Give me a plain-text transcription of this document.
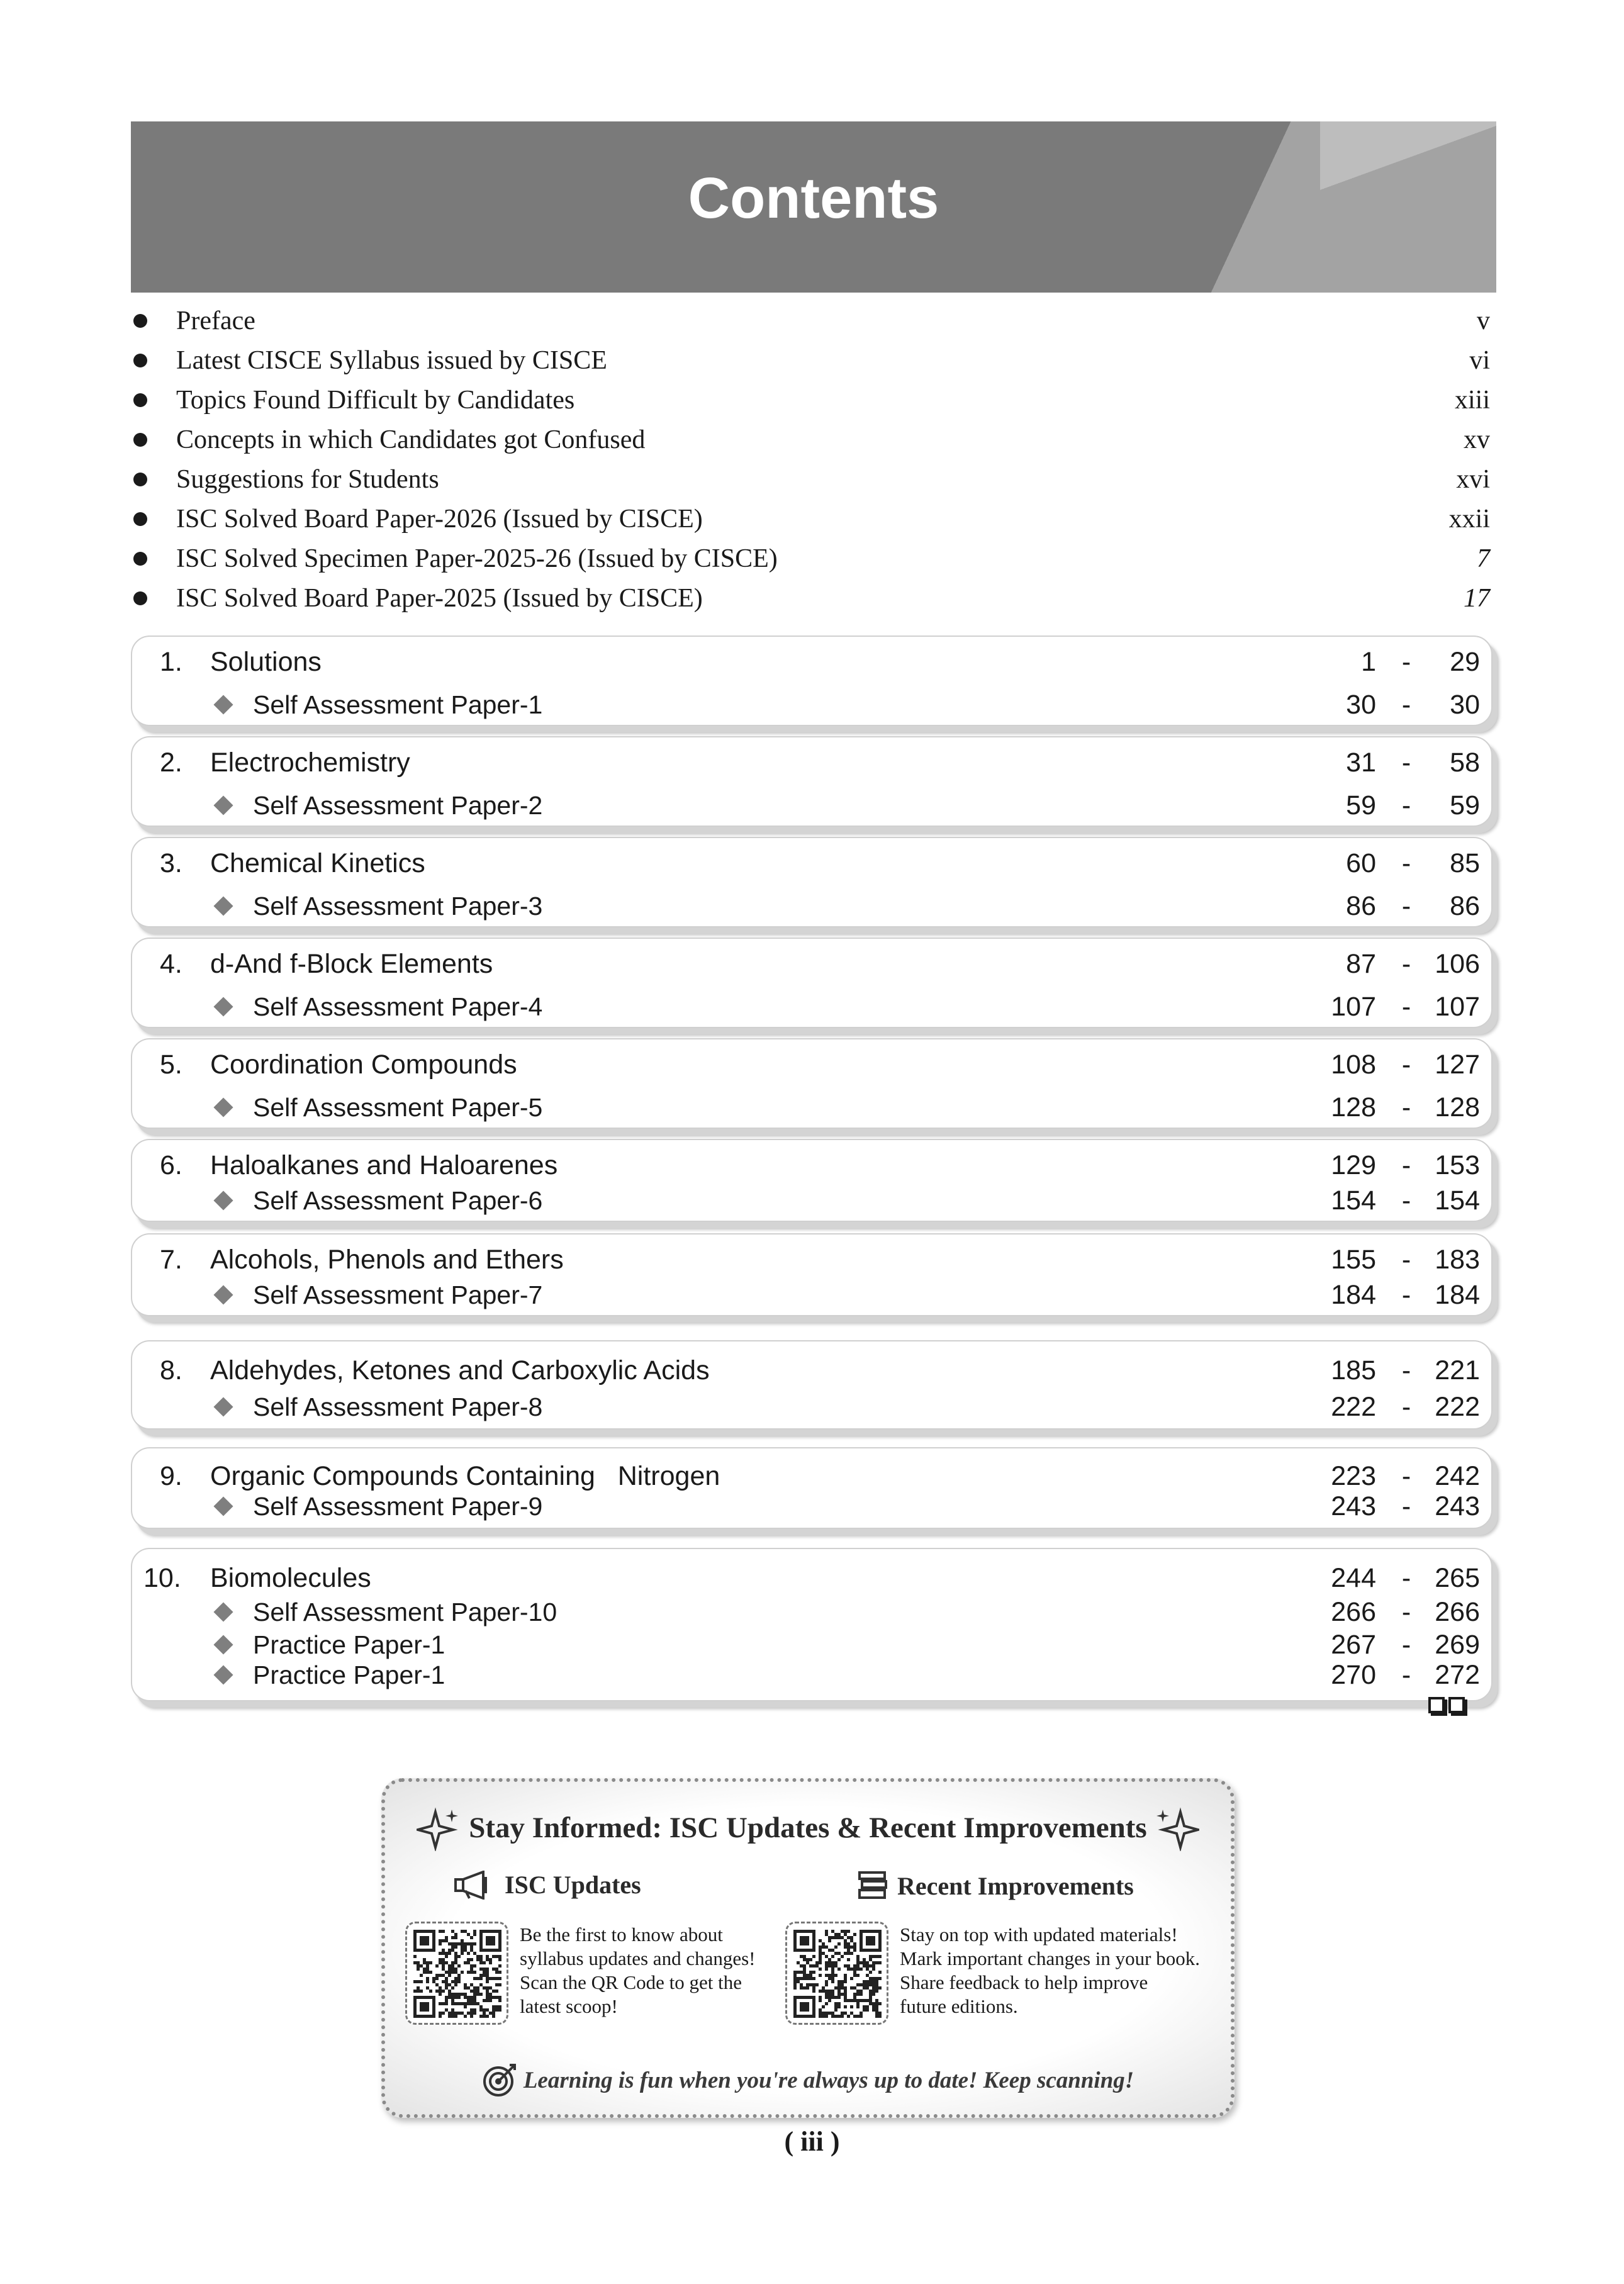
Contents
Preface	v
Latest CISCE Syllabus issued by CISCE	vi
Topics Found Difficult by Candidates	xiii
Concepts in which Candidates got Confused	xv
Suggestions for Students	xvi
ISC Solved Board Paper-2026 (Issued by CISCE)	xxii
ISC Solved Specimen Paper-2025-26 (Issued by CISCE)	7
ISC Solved Board Paper-2025 (Issued by CISCE)	17
1. Solutions	1 - 29
Self Assessment Paper-1	30 - 30
2. Electrochemistry	31 - 58
Self Assessment Paper-2	59 - 59
3. Chemical Kinetics	60 - 85
Self Assessment Paper-3	86 - 86
4. d-And f-Block Elements	87 - 106
Self Assessment Paper-4	107 - 107
5. Coordination Compounds	108 - 127
Self Assessment Paper-5	128 - 128
6. Haloalkanes and Haloarenes	129 - 153
Self Assessment Paper-6	154 - 154
7. Alcohols, Phenols and Ethers	155 - 183
Self Assessment Paper-7	184 - 184
8. Aldehydes, Ketones and Carboxylic Acids	185 - 221
Self Assessment Paper-8	222 - 222
9. Organic Compounds Containing   Nitrogen	223 - 242
Self Assessment Paper-9	243 - 243
10. Biomolecules	244 - 265
Self Assessment Paper-10	266 - 266
Practice Paper-1	267 - 269
Practice Paper-1	270 - 272
Stay Informed: ISC Updates & Recent Improvements
ISC Updates	Recent Improvements
Be the first to know about
syllabus updates and changes!
Scan the QR Code to get the
latest scoop!
Stay on top with updated materials!
Mark important changes in your book.
Share feedback to help improve
future editions.
Learning is fun when you're always up to date! Keep scanning!
( iii )
